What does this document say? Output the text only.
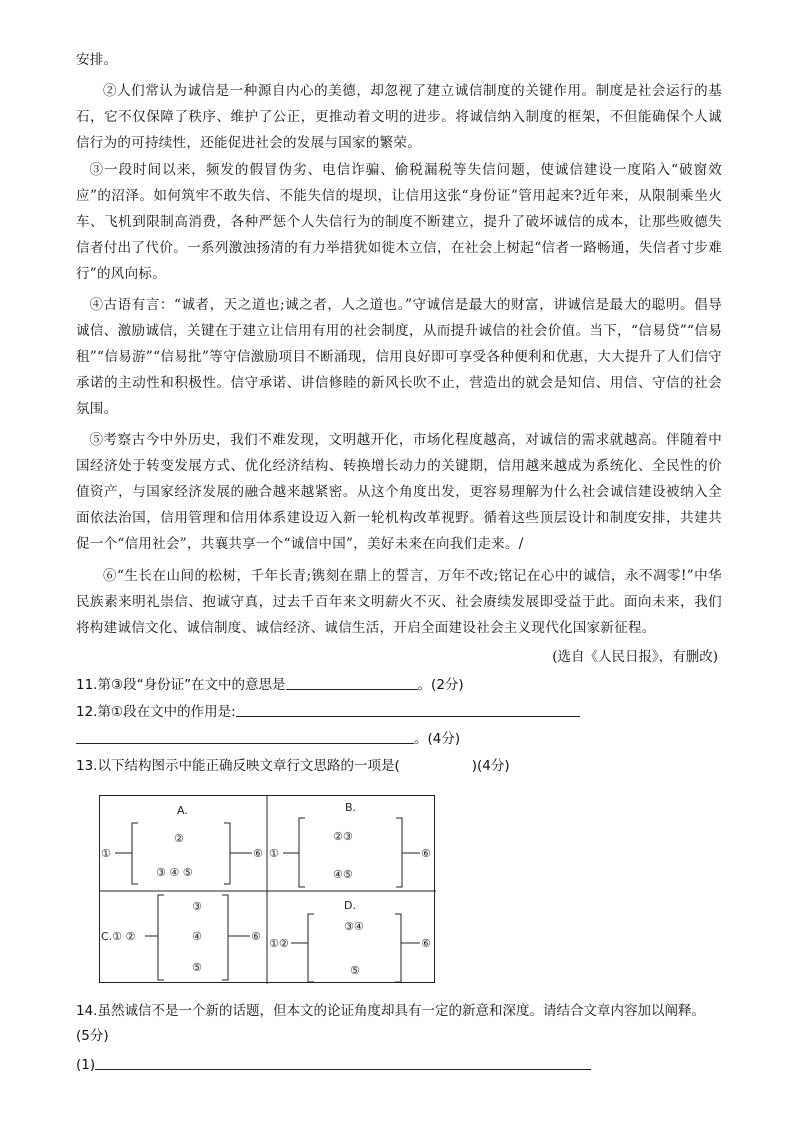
安排。

②人们常认为诚信是一种源自内心的美德，却忽视了建立诚信制度的关键作用。制度是社会运行的基石，它不仅保障了秩序、维护了公正，更推动着文明的进步。将诚信纳入制度的框架，不但能确保个人诚信行为的可持续性，还能促进社会的发展与国家的繁荣。

③一段时间以来，频发的假冒伪劣、电信诈骗、偷税漏税等失信问题，使诚信建设一度陷入“破窗效应”的沼泽。如何筑牢不敢失信、不能失信的堤坝，让信用这张“身份证”管用起来?近年来，从限制乘坐火车、飞机到限制高消费，各种严惩个人失信行为的制度不断建立，提升了破坏诚信的成本，让那些败德失信者付出了代价。一系列激浊扬清的有力举措犹如徙木立信，在社会上树起“信者一路畅通，失信者寸步难行”的风向标。

④古语有言：“诚者，天之道也;诚之者，人之道也。”守诚信是最大的财富，讲诚信是最大的聪明。倡导诚信、激励诚信，关键在于建立让信用有用的社会制度，从而提升诚信的社会价值。当下，“信易贷”“信易租”“信易游”“信易批”等守信激励项目不断涌现，信用良好即可享受各种便利和优惠，大大提升了人们信守承诺的主动性和积极性。信守承诺、讲信修睦的新风长吹不止，营造出的就会是知信、用信、守信的社会氛围。

⑤考察古今中外历史，我们不难发现，文明越开化，市场化程度越高，对诚信的需求就越高。伴随着中国经济处于转变发展方式、优化经济结构、转换增长动力的关键期，信用越来越成为系统化、全民性的价值资产，与国家经济发展的融合越来越紧密。从这个角度出发，更容易理解为什么社会诚信建设被纳入全面依法治国，信用管理和信用体系建设迈入新一轮机构改革视野。循着这些顶层设计和制度安排，共建共促一个“信用社会”，共襄共享一个“诚信中国”，美好未来在向我们走来。/

⑥“生长在山间的松树，千年长青;镌刻在鼎上的誓言，万年不改;铭记在心中的诚信，永不凋零!”中华民族素来明礼崇信、抱诚守真，过去千百年来文明薪火不灭、社会赓续发展即受益于此。面向未来，我们将构建诚信文化、诚信制度、诚信经济、诚信生活，开启全面建设社会主义现代化国家新征程。

(选自《人民日报》，有删改)
11.第③段“身份证”在文中的意思是	。(2分)
12.第①段在文中的作用是:
。(4分)
13.以下结构图示中能正确反映文章行文思路的一项是(	)(4分)
A.
①
②
③ ④ ⑤
⑥
B.
①
②③
④⑤
⑥
C.① ②
③
④
⑤
⑥
D.
①②
③④
⑤
⑥
14.虽然诚信不是一个新的话题，但本文的论证角度却具有一定的新意和深度。请结合文章内容加以阐释。
(5分)
(1)
